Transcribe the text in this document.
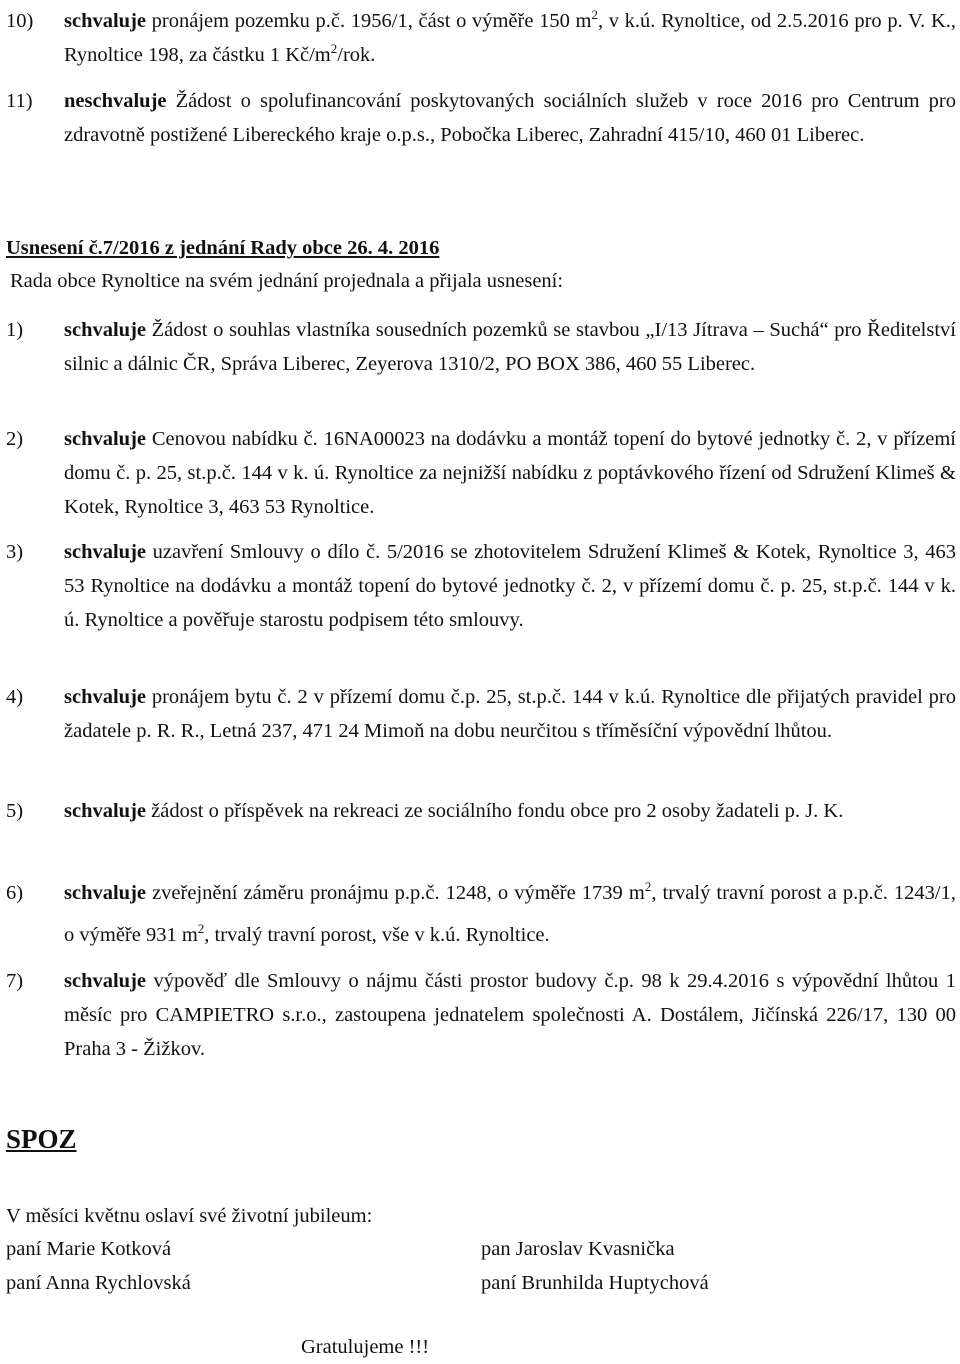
10)	schvaluje pronájem pozemku p.č. 1956/1, část o výměře 150 $m^2$, v k.ú. Rynoltice, od 2.5.2016 pro p. V. K., Rynoltice 198, za částku 1 $Kč/m^2$/rok.
11)	neschvaluje Žádost o spolufinancování poskytovaných sociálních služeb v roce 2016 pro Centrum pro zdravotně postižené Libereckého kraje o.p.s., Pobočka Liberec, Zahradní 415/10, 460 01 Liberec.
Usnesení č.7/2016 z jednání Rady obce 26. 4. 2016
Rada obce Rynoltice na svém jednání projednala a přijala usnesení:
1)	schvaluje Žádost o souhlas vlastníka sousedních pozemků se stavbou „I/13 Jítrava – Suchá“ pro Ředitelství silnic a dálnic ČR, Správa Liberec, Zeyerova 1310/2, PO BOX 386, 460 55 Liberec.
2)	schvaluje Cenovou nabídku č. 16NA00023 na dodávku a montáž topení do bytové jednotky č. 2, v přízemí domu č. p. 25, st.p.č. 144 v k. ú. Rynoltice za nejnižší nabídku z poptávkového řízení od Sdružení Klimeš & Kotek, Rynoltice 3, 463 53 Rynoltice.
3)	schvaluje uzavření Smlouvy o dílo č. 5/2016 se zhotovitelem Sdružení Klimeš & Kotek, Rynoltice 3, 463 53 Rynoltice na dodávku a montáž topení do bytové jednotky č. 2, v přízemí domu č. p. 25, st.p.č. 144 v k. ú. Rynoltice a pověřuje starostu podpisem této smlouvy.
4)	schvaluje pronájem bytu č. 2 v přízemí domu č.p. 25, st.p.č. 144 v k.ú. Rynoltice dle přijatých pravidel pro žadatele p. R. R., Letná 237, 471 24 Mimoň na dobu neurčitou s tříměsíční výpovědní lhůtou.
5)	schvaluje žádost o příspěvek na rekreaci ze sociálního fondu obce pro 2 osoby žadateli p. J. K.
6)	schvaluje zveřejnění záměru pronájmu p.p.č. 1248, o výměře 1739 $m^2$, trvalý travní porost a p.p.č. 1243/1, o výměře 931 $m^2$, trvalý travní porost, vše v k.ú. Rynoltice.
7)	schvaluje výpověď dle Smlouvy o nájmu části prostor budovy č.p. 98 k 29.4.2016 s výpovědní lhůtou 1 měsíc pro CAMPIETRO s.r.o., zastoupena jednatelem společnosti A. Dostálem, Jičínská 226/17, 130 00 Praha 3 - Žižkov.
SPOZ
V měsíci květnu oslaví své životní jubileum:
paní Marie Kotková
paní Anna Rychlovská
pan Jaroslav Kvasnička
paní Brunhilda Huptychová
Gratulujeme !!!
